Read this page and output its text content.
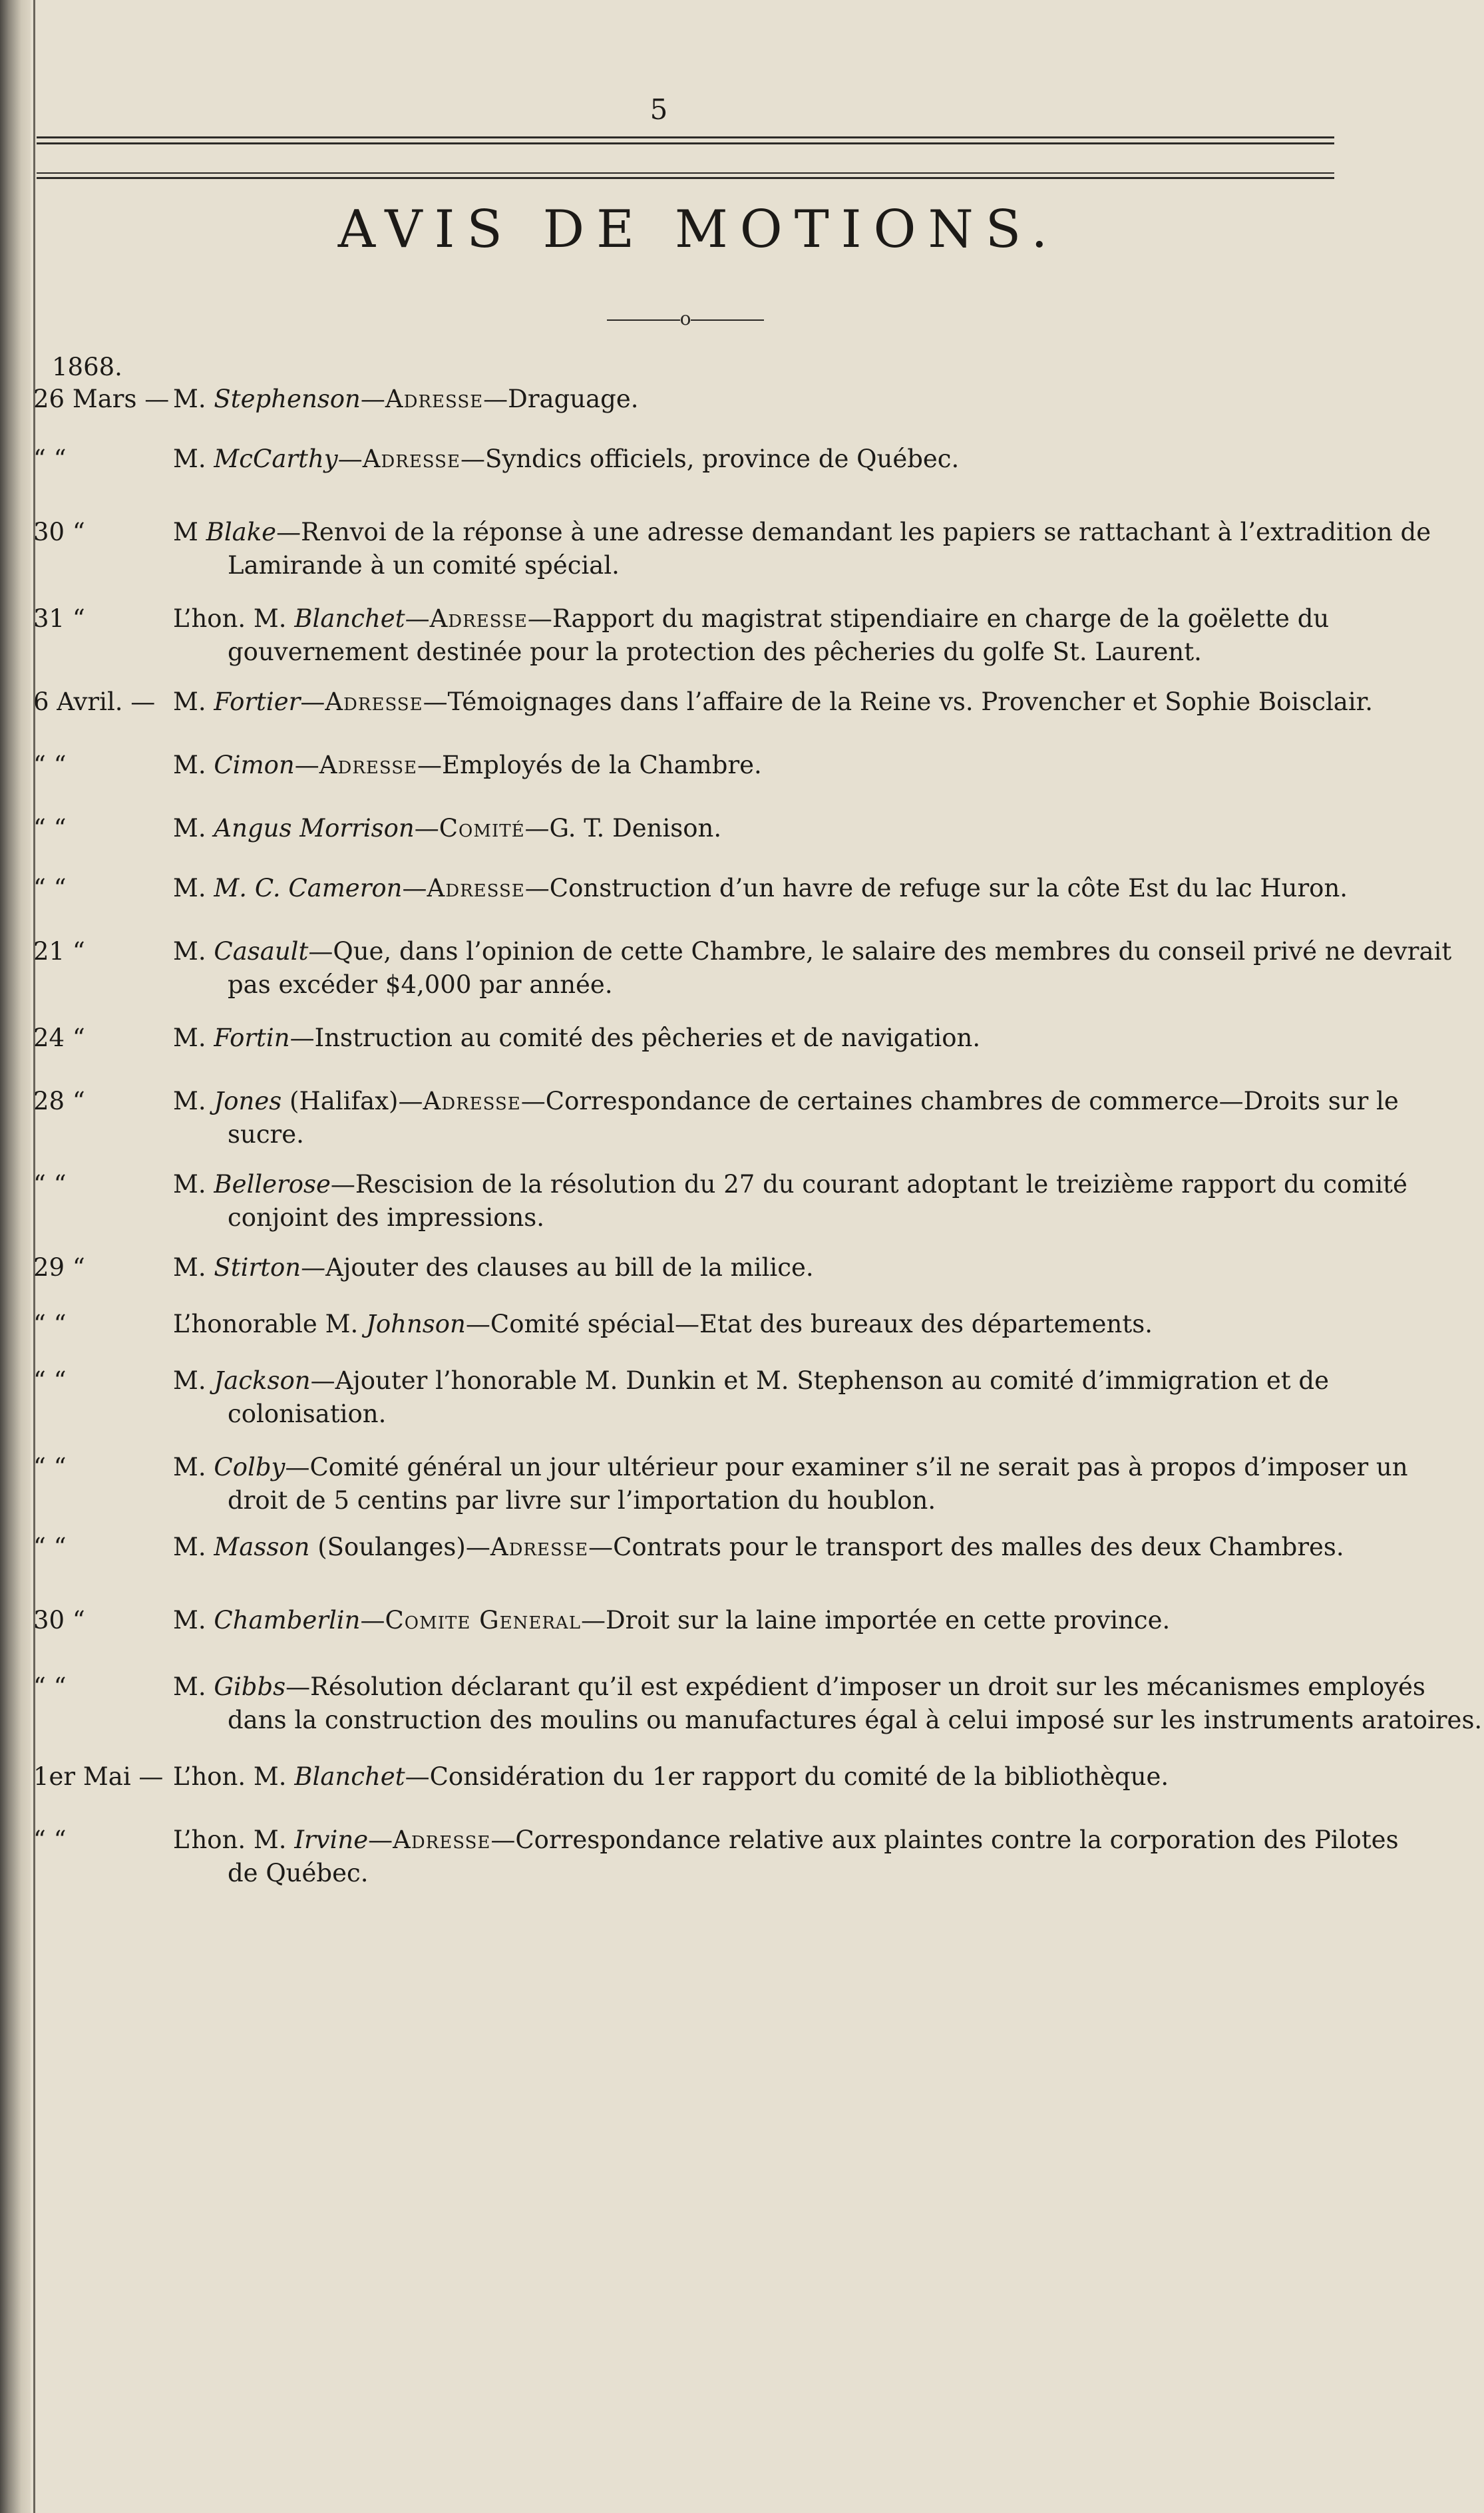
5
AVIS DE MOTIONS.
o
1868.
26 Mars — M. Stephenson—Adresse—Draguage.
“ “	M. McCarthy—Adresse—Syndics officiels, province de Québec.
30 “	M Blake—Renvoi de la réponse à une adresse demandant les papiers se rattachant à l’extradition de
Lamirande à un comité spécial.
31 “	L’hon. M. Blanchet—Adresse—Rapport du magistrat stipendiaire en charge de la goëlette du
gouvernement destinée pour la protection des pêcheries du golfe St. Laurent.
6 Avril. — M. Fortier—Adresse—Témoignages dans l’affaire de la Reine vs. Provencher et Sophie Boisclair.
“ “	M. Cimon—Adresse—Employés de la Chambre.
“ “	M. Angus Morrison—Comité—G. T. Denison.
“ “	M. M. C. Cameron—Adresse—Construction d’un havre de refuge sur la côte Est du lac Huron.
21 “	M. Casault—Que, dans l’opinion de cette Chambre, le salaire des membres du conseil privé ne devrait
pas excéder $4,000 par année.
24 “	M. Fortin—Instruction au comité des pêcheries et de navigation.
28 “	M. Jones (Halifax)—Adresse—Correspondance de certaines chambres de commerce—Droits sur le
sucre.
“ “	M. Bellerose—Rescision de la résolution du 27 du courant adoptant le treizième rapport du comité
conjoint des impressions.
29 “	M. Stirton—Ajouter des clauses au bill de la milice.
“ “	L’honorable M. Johnson—Comité spécial—Etat des bureaux des départements.
“ “	M. Jackson—Ajouter l’honorable M. Dunkin et M. Stephenson au comité d’immigration et de
colonisation.
“ “	M. Colby—Comité général un jour ultérieur pour examiner s’il ne serait pas à propos d’imposer un
droit de 5 centins par livre sur l’importation du houblon.
“ “	M. Masson (Soulanges)—Adresse—Contrats pour le transport des malles des deux Chambres.
30 “	M. Chamberlin—Comite General—Droit sur la laine importée en cette province.
“ “	M. Gibbs—Résolution déclarant qu’il est expédient d’imposer un droit sur les mécanismes employés
dans la construction des moulins ou manufactures égal à celui imposé sur les instruments aratoires.
1er Mai — L’hon. M. Blanchet—Considération du 1er rapport du comité de la bibliothèque.
“ “	L’hon. M. Irvine—Adresse—Correspondance relative aux plaintes contre la corporation des Pilotes
de Québec.
